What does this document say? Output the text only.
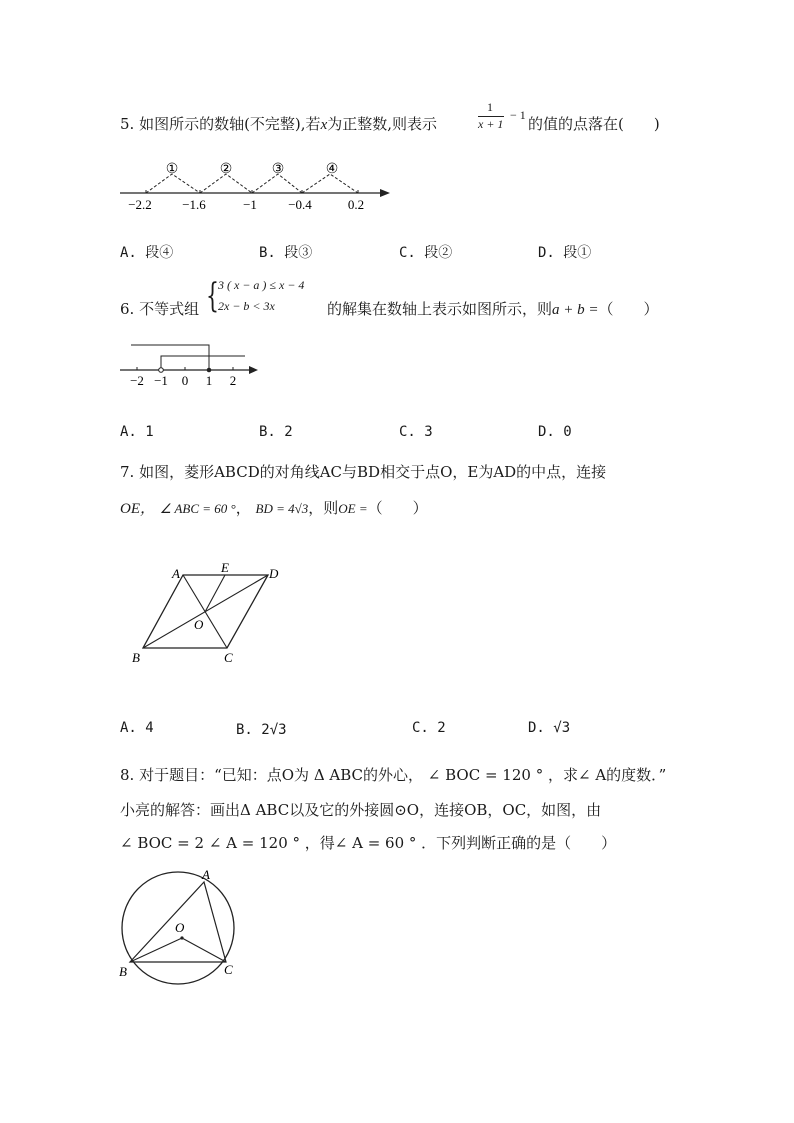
5. 如图所示的数轴(不完整),若x为正整数,则表示
1
x + 1
− 1 的值的点落在(　　)
①	②	③	④
−2.2 −1.6	−1 −0.4	0.2
A. 段④	B. 段③	C. 段②	D. 段①
6. 不等式组 { 3 ( x − a ) ≤ x − 4
2x − b < 3x	的解集在数轴上表示如图所示，则a + b =（　　）
−2 −1 0 1 2
A. 1	B. 2	C. 3	D. 0
7. 如图，菱形ABCD的对角线AC与BD相交于点O，E为AD的中点，连接
OE， ∠ ABC = 60 °， BD = 4√3，则OE =（　　）
A	E	D
O
B	C
A. 4	B. 2√3	C. 2	D. √3
8. 对于题目：“已知：点O为 Δ ABC的外心， ∠ BOC = 120 ° ，求∠ A的度数．”
小亮的解答：画出Δ ABC以及它的外接圆⊙O，连接OB，OC，如图，由
∠ BOC = 2 ∠ A = 120 ° ，得∠ A = 60 ° ．下列判断正确的是（　　）
A
O
B	C
